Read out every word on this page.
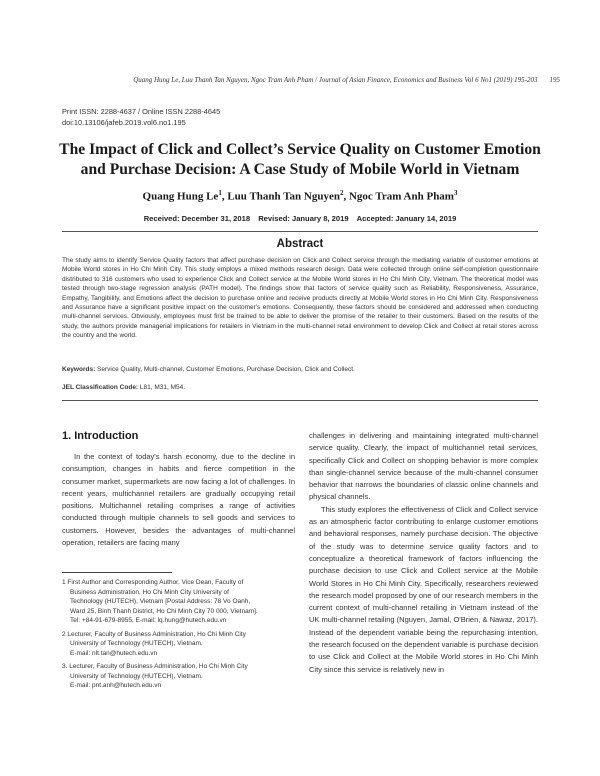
Quang Hung Le, Luu Thanh Tan Nguyen, Ngoc Tram Anh Pham / Journal of Asian Finance, Economics and Business Vol 6 No1 (2019) 195-203 195
Print ISSN: 2288-4637 / Online ISSN 2288-4645
doi:10.13106/jafeb.2019.vol6.no1.195
The Impact of Click and Collect’s Service Quality on Customer Emotion
and Purchase Decision: A Case Study of Mobile World in Vietnam
Quang Hung Le$^1$, Luu Thanh Tan Nguyen$^2$, Ngoc Tram Anh Pham$^3$
Received: December 31, 2018 Revised: January 8, 2019 Accepted: January 14, 2019
Abstract
The study aims to identify Service Quality factors that affect purchase decision on Click and Collect service through the mediating variable of customer emotions at Mobile World stores in Ho Chi Minh City. This study employs a mixed methods research design. Data were collected through online self-completion questionnaire distributed to 316 customers who used to experience Click and Collect service at the Mobile World stores in Ho Chi Minh City, Vietnam. The theoretical model was tested through two-stage regression analysis (PATH model). The findings show that factors of service quality such as Reliability, Responsiveness, Assurance, Empathy, Tangibility, and Emotions affect the decision to purchase online and receive products directly at Mobile World stores in Ho Chi Minh City. Responsiveness and Assurance have a significant positive impact on the customer's emotions. Consequently, these factors should be considered and addressed when conducting multi-channel services. Obviously, employees must first be trained to be able to deliver the promise of the retailer to their customers. Based on the results of the study, the authors provide managerial implications for retailers in Vietnam in the multi-channel retail environment to develop Click and Collect at retail stores across the country and the world.
Keywords: Service Quality, Multi-channel, Customer Emotions, Purchase Decision, Click and Collect.
JEL Classification Code: L81, M31, M54.
1. Introduction

In the context of today's harsh economy, due to the decline in consumption, changes in habits and fierce competition in the consumer market, supermarkets are now facing a lot of challenges. In recent years, multichannel retailers are gradually occupying retail positions. Multichannel retailing comprises a range of activities conducted through multiple channels to sell goods and services to customers. However, besides the advantages of multi-channel operation, retailers are facing many

challenges in delivering and maintaining integrated multi-channel service quality. Clearly, the impact of multichannel retail services, specifically Click and Collect on shopping behavior is more complex than single-channel service because of the multi-channel consumer behavior that narrows the boundaries of classic online channels and physical channels.

This study explores the effectiveness of Click and Collect service as an atmospheric factor contributing to enlarge customer emotions and behavioral responses, namely purchase decision. The objective of the study was to determine service quality factors and to conceptualize a theoretical framework of factors influencing the purchase decision to use Click and Collect service at the Mobile World Stores in Ho Chi Minh City. Specifically, researchers reviewed the research model proposed by one of our research members in the current context of multi-channel retailing in Vietnam instead of the UK multi-channel retailing (Nguyen, Jamal, O'Brien, & Nawaz, 2017). Instead of the dependent variable being the repurchasing intention, the research focused on the dependent variable is purchase decision to use Click and Collect at the Mobile World stores in Ho Chi Minh City since this service is relatively new in

1 First Author and Corresponding Author. Vice Dean, Faculty of
Business Administration, Ho Chi Minh City University of
Technology (HUTECH), Vietnam [Postal Address: 78 Vo Oanh,
Ward 25, Binh Thanh District, Ho Chi Minh City 70 000, Vietnam].
Tel: +84-91-679-8955, E-mail: lq.hung@hutech.edu.vn
2 Lecturer, Faculty of Business Administration, Ho Chi Minh City
University of Technology (HUTECH), Vietnam.
E-mail: nlt.tan@hutech.edu.vn
3. Lecturer, Faculty of Business Administration, Ho Chi Minh City
University of Technology (HUTECH), Vietnam.
E-mail: pnt.anh@hutech.edu.vn
